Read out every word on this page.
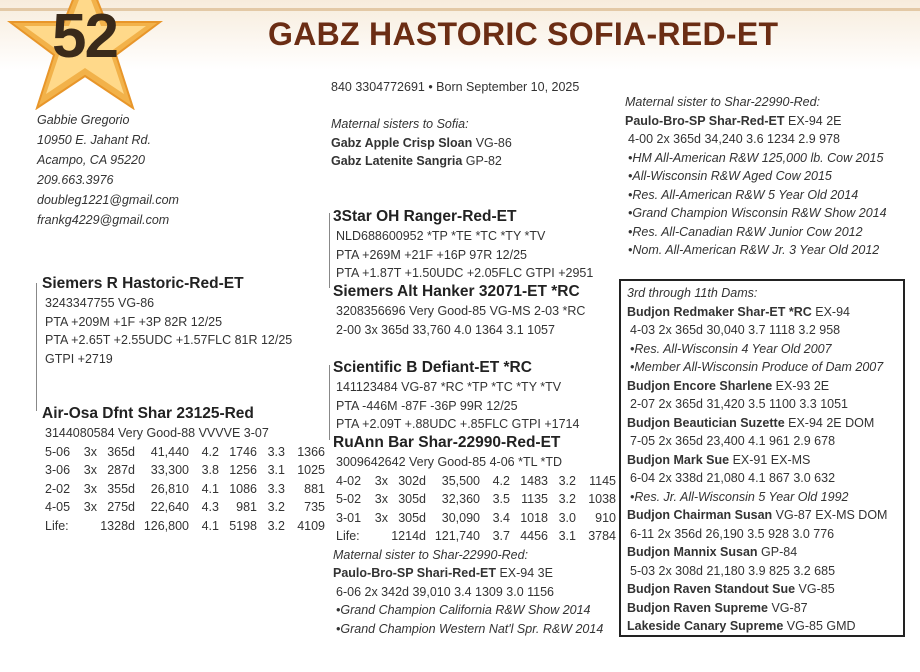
52	GABZ HASTORIC SOFIA-RED-ET
Gabbie Gregorio
10950 E. Jahant Rd.
Acampo, CA 95220
209.663.3976
doubleg1221@gmail.com
frankg4229@gmail.com
Siemers R Hastoric-Red-ET
3243347755 VG-86
PTA +209M +1F +3P 82R 12/25
PTA +2.65T +2.55UDC +1.57FLC 81R 12/25
GTPI +2719
Air-Osa Dfnt Shar 23125-Red
3144080584 Very Good-88 VVVVE 3-07
5-06	3x	365d	41,440	4.2	1746	3.3	1366
3-06	3x	287d	33,300	3.8	1256	3.1	1025
2-02	3x	355d	26,810	4.1	1086	3.3	881
4-05	3x	275d	22,640	4.3	981	3.2	735
Life:		1328d	126,800	4.1	5198	3.2	4109
840 3304772691 • Born September 10, 2025
Maternal sisters to Sofia:
Gabz Apple Crisp Sloan VG-86
Gabz Latenite Sangria GP-82
3Star OH Ranger-Red-ET
NLD688600952 *TP *TE *TC *TY *TV
PTA +269M +21F +16P 97R 12/25
PTA +1.87T +1.50UDC +2.05FLC GTPI +2951
Siemers Alt Hanker 32071-ET *RC
3208356696 Very Good-85 VG-MS 2-03 *RC
2-00 3x 365d 33,760 4.0 1364 3.1 1057
Scientific B Defiant-ET *RC
141123484 VG-87 *RC *TP *TC *TY *TV
PTA -446M -87F -36P 99R 12/25
PTA +2.09T +.88UDC +.85FLC GTPI +1714
RuAnn Bar Shar-22990-Red-ET
3009642642 Very Good-85 4-06 *TL *TD
4-02	3x	302d	35,500	4.2	1483	3.2	1145
5-02	3x	305d	32,360	3.5	1135	3.2	1038
3-01	3x	305d	30,090	3.4	1018	3.0	910
Life:		1214d	121,740	3.7	4456	3.1	3784
Maternal sister to Shar-22990-Red:
Paulo-Bro-SP Shari-Red-ET EX-94 3E
6-06 2x 342d 39,010 3.4 1309 3.0 1156
•Grand Champion California R&W Show 2014
•Grand Champion Western Nat'l Spr. R&W 2014
Maternal sister to Shar-22990-Red:
Paulo-Bro-SP Shar-Red-ET EX-94 2E
4-00 2x 365d 34,240 3.6 1234 2.9 978
•HM All-American R&W 125,000 lb. Cow 2015
•All-Wisconsin R&W Aged Cow 2015
•Res. All-American R&W 5 Year Old 2014
•Grand Champion Wisconsin R&W Show 2014
•Res. All-Canadian R&W Junior Cow 2012
•Nom. All-American R&W Jr. 3 Year Old 2012
3rd through 11th Dams:
Budjon Redmaker Shar-ET *RC EX-94
4-03 2x 365d 30,040 3.7 1118 3.2 958
•Res. All-Wisconsin 4 Year Old 2007
•Member All-Wisconsin Produce of Dam 2007
Budjon Encore Sharlene EX-93 2E
2-07 2x 365d 31,420 3.5 1100 3.3 1051
Budjon Beautician Suzette EX-94 2E DOM
7-05 2x 365d 23,400 4.1 961 2.9 678
Budjon Mark Sue EX-91 EX-MS
6-04 2x 338d 21,080 4.1 867 3.0 632
•Res. Jr. All-Wisconsin 5 Year Old 1992
Budjon Chairman Susan VG-87 EX-MS DOM
6-11 2x 356d 26,190 3.5 928 3.0 776
Budjon Mannix Susan GP-84
5-03 2x 308d 21,180 3.9 825 3.2 685
Budjon Raven Standout Sue VG-85
Budjon Raven Supreme VG-87
Lakeside Canary Supreme VG-85 GMD
